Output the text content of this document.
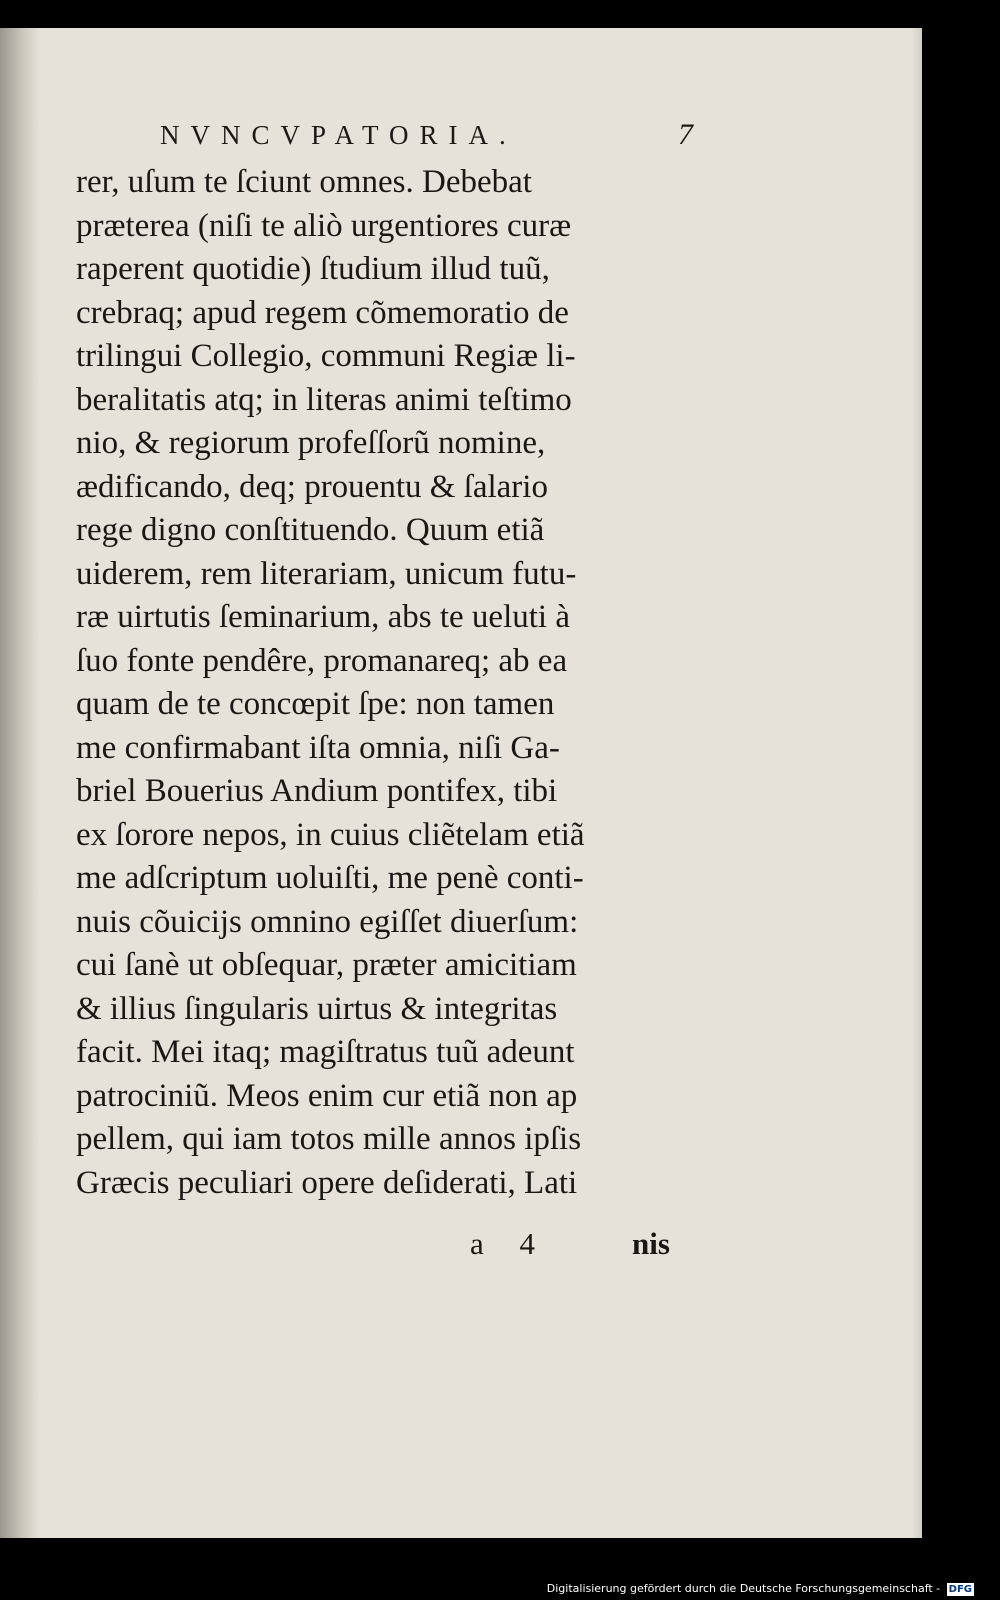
NVNCVPATORIA.	7
rer, uſum te ſciunt omnes. Debebat
præterea (niſi te aliò urgentiores curæ
raperent quotidie) ſtudium illud tuũ,
crebraq; apud regem cõmemoratio de
trilingui Collegio, communi Regiæ li-
beralitatis atq; in literas animi teſtimo
nio, & regiorum profeſſorũ nomine,
ædificando, deq; prouentu & ſalario
rege digno conſtituendo. Quum etiã
uiderem, rem literariam, unicum futu-
ræ uirtutis ſeminarium, abs te ueluti à
ſuo fonte pendêre, promanareq; ab ea
quam de te concœpit ſpe: non tamen
me confirmabant iſta omnia, niſi Ga-
briel Bouerius Andium pontifex, tibi
ex ſorore nepos, in cuius cliẽtelam etiã
me adſcriptum uoluiſti, me penè conti-
nuis cõuicijs omnino egiſſet diuerſum:
cui ſanè ut obſequar, præter amicitiam
& illius ſingularis uirtus & integritas
facit. Mei itaq; magiſtratus tuũ adeunt
patrociniũ. Meos enim cur etiã non ap
pellem, qui iam totos mille annos ipſis
Græcis peculiari opere deſiderati, Lati
a 4	nis
Digitalisierung gefördert durch die Deutsche Forschungsgemeinschaft - DFG
